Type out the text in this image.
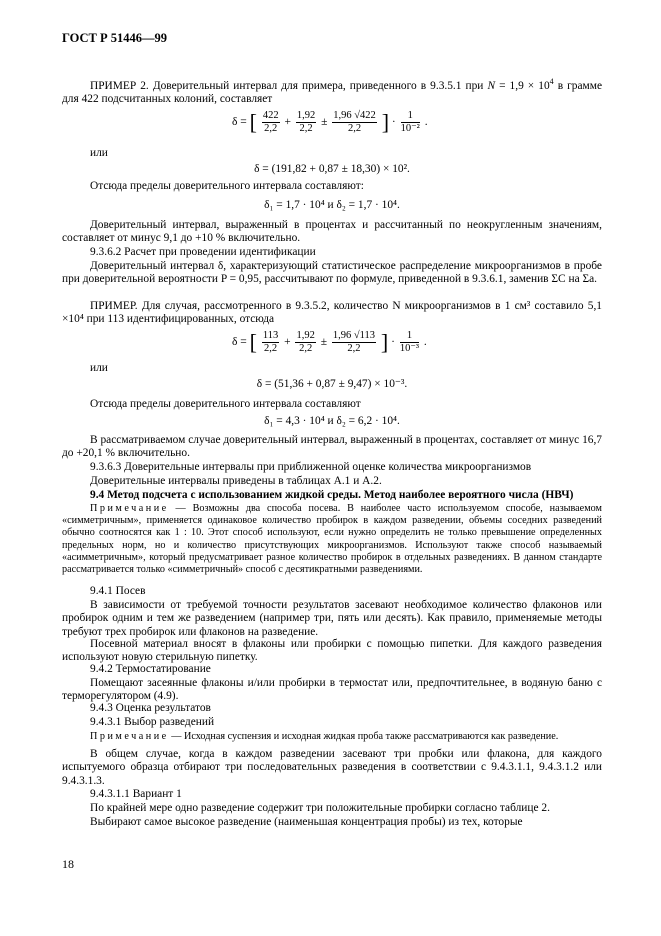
ГОСТ Р 51446—99
ПРИМЕР 2. Доверительный интервал для примера, приведенного в 9.3.5.1 при $N = 1,9 \times 10^4$ в грамме для 422 подсчитанных колоний, составляет
δ = [ $\frac{422}{2,2} + \frac{1,92}{2,2} \pm \frac{1,96 √422}{2,2}$ ] · $\frac{1}{\text{10⁻²}}$ .
или
δ = (191,82 + 0,87 ± 18,30) × 10².
Отсюда пределы доверительного интервала составляют:
δ₁ = 1,7 · 10⁴ и δ₂ = 1,7 · 10⁴.
Доверительный интервал, выраженный в процентах и рассчитанный по неокругленным значениям, составляет от минус 9,1 до +10 % включительно.
9.3.6.2 Расчет при проведении идентификации
Доверительный интервал δ, характеризующий статистическое распределение микроорганизмов в пробе при доверительной вероятности P = 0,95, рассчитывают по формуле, приведенной в 9.3.6.1, заменив ΣC на Σa.
ПРИМЕР. Для случая, рассмотренного в 9.3.5.2, количество N микроорганизмов в 1 см³ составило 5,1 ×10⁴ при 113 идентифицированных, отсюда
δ = [ $\frac{113}{2,2} + \frac{1,92}{2,2} \pm \frac{1,96 √113}{2,2}$ ] · $\frac{1}{\text{10⁻³}}$ .
или
δ = (51,36 + 0,87 ± 9,47) × 10⁻³.
Отсюда пределы доверительного интервала составляют
δ₁ = 4,3 · 10⁴ и δ₂ = 6,2 · 10⁴.
В рассматриваемом случае доверительный интервал, выраженный в процентах, составляет от минус 16,7 до +20,1 % включительно.
9.3.6.3 Доверительные интервалы при приближенной оценке количества микроорганизмов
Доверительные интервалы приведены в таблицах А.1 и А.2.
9.4 Метод подсчета с использованием жидкой среды. Метод наиболее вероятного числа (НВЧ)
Примечание — Возможны два способа посева. В наиболее часто используемом способе, называемом «симметричным», применяется одинаковое количество пробирок в каждом разведении, объемы соседних разведений обычно соотносятся как 1 : 10. Этот способ используют, если нужно определить не только превышение определенных предельных норм, но и количество присутствующих микроорганизмов. Используют также способ называемый «асимметричным», который предусматривает разное количество пробирок в отдельных разведениях. В данном стандарте рассматривается только «симметричный» способ с десятикратными разведениями.
9.4.1 Посев
В зависимости от требуемой точности результатов засевают необходимое количество флаконов или пробирок одним и тем же разведением (например три, пять или десять). Как правило, применяемые методы требуют трех пробирок или флаконов на разведение.
Посевной материал вносят в флаконы или пробирки с помощью пипетки. Для каждого разведения используют новую стерильную пипетку.
9.4.2 Термостатирование
Помещают засеянные флаконы и/или пробирки в термостат или, предпочтительнее, в водяную баню с терморегулятором (4.9).
9.4.3 Оценка результатов
9.4.3.1 Выбор разведений
Примечание — Исходная суспензия и исходная жидкая проба также рассматриваются как разведение.
В общем случае, когда в каждом разведении засевают три пробки или флакона, для каждого испытуемого образца отбирают три последовательных разведения в соответствии с 9.4.3.1.1, 9.4.3.1.2 или 9.4.3.1.3.
9.4.3.1.1 Вариант 1
По крайней мере одно разведение содержит три положительные пробирки согласно таблице 2.
Выбирают самое высокое разведение (наименьшая концентрация пробы) из тех, которые
18
